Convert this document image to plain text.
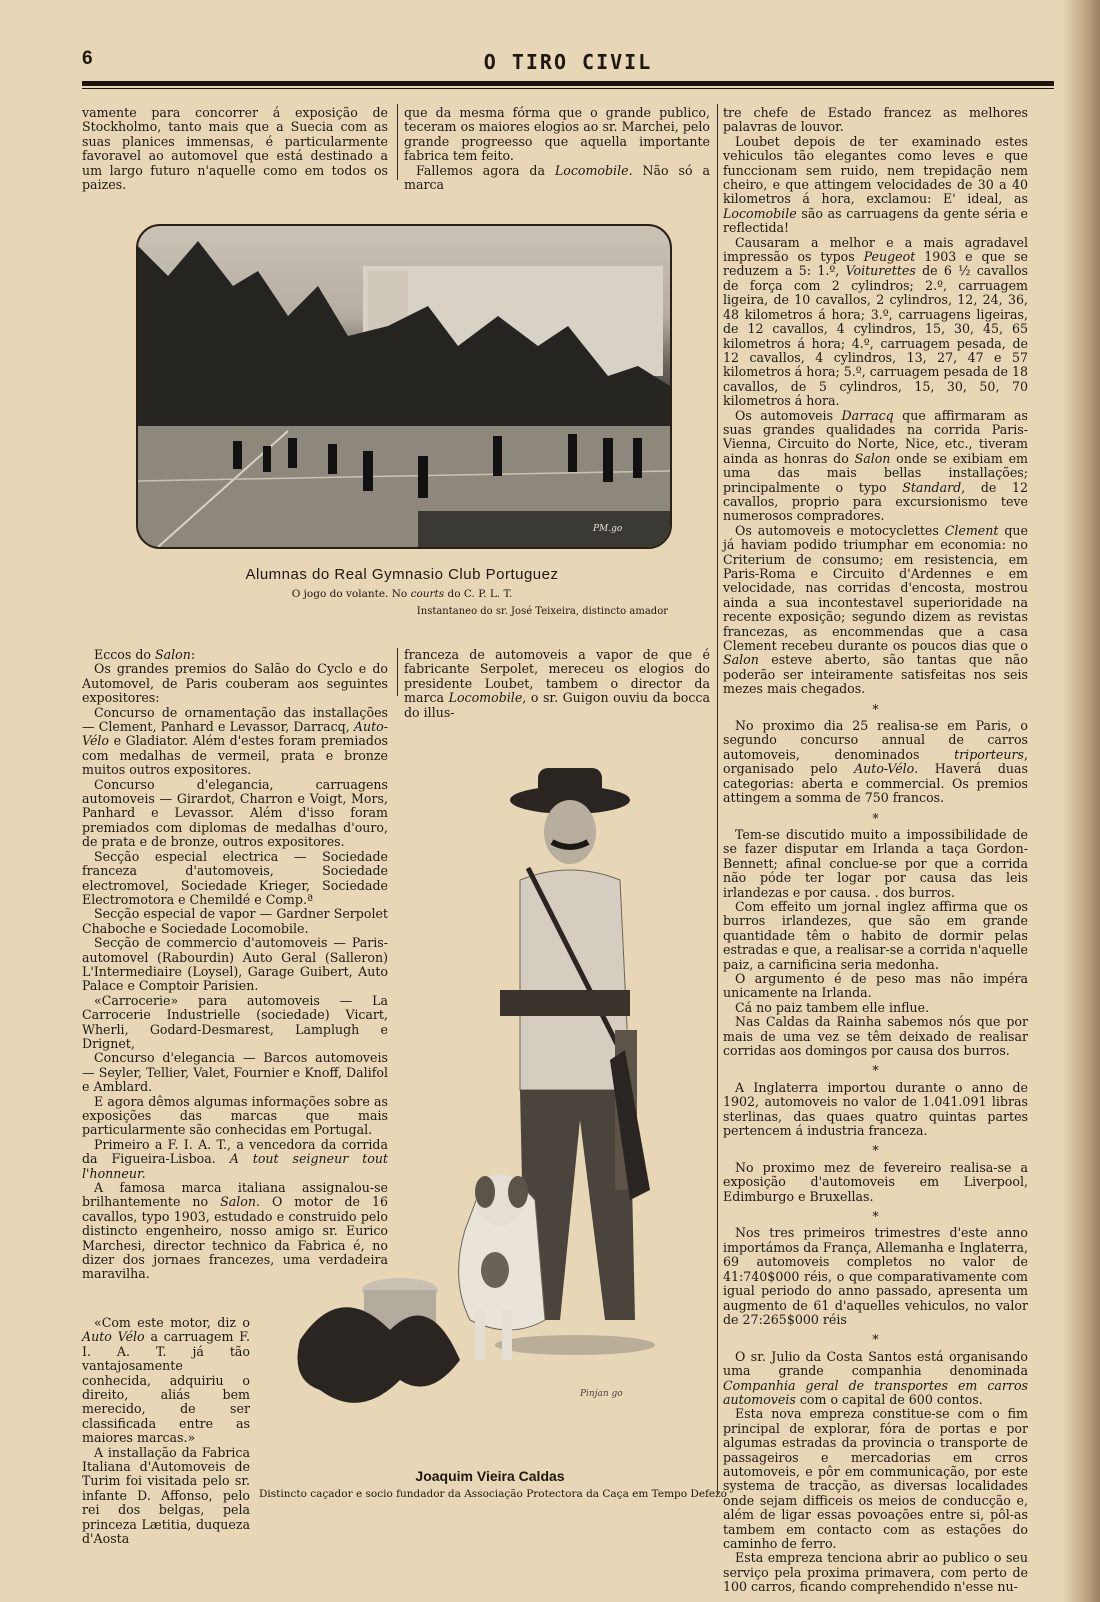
6	O TIRO CIVIL

vamente para concorrer á exposição de Stockholmo, tanto mais que a Suecia com as suas planices immensas, é particularmente favoravel ao automovel que está destinado a um largo futuro n'aquelle como em todos os paizes.

que da mesma fórma que o grande publico, teceram os maiores elogios ao sr. Marchei, pelo grande progreesso que aquella importante fabrica tem feito.

Fallemos agora da Locomobile. Não só a marca

PM.go
Alumnas do Real Gymnasio Club Portuguez
O jogo do volante. No courts do C. P. L. T.
Instantaneo do sr. José Teixeira, distincto amador

tre chefe de Estado francez as melhores palavras de louvor.

Loubet depois de ter examinado estes vehiculos tão elegantes como leves e que funccionam sem ruido, nem trepidação nem cheiro, e que attingem velocidades de 30 a 40 kilometros á hora, exclamou: E' ideal, as Locomobile são as carruagens da gente séria e reflectida!

Causaram a melhor e a mais agradavel impressão os typos Peugeot 1903 e que se reduzem a 5: 1.º, Voiturettes de 6 ½ cavallos de força com 2 cylindros; 2.º, carruagem ligeira, de 10 cavallos, 2 cylindros, 12, 24, 36, 48 kilometros á hora; 3.º, carruagens ligeiras, de 12 cavallos, 4 cylindros, 15, 30, 45, 65 kilometros á hora; 4.º, carruagem pesada, de 12 cavallos, 4 cylindros, 13, 27, 47 e 57 kilometros á hora; 5.º, carruagem pesada de 18 cavallos, de 5 cylindros, 15, 30, 50, 70 kilometros á hora.

Os automoveis Darracq que affirmaram as suas grandes qualidades na corrida Paris-Vienna, Circuito do Norte, Nice, etc., tiveram ainda as honras do Salon onde se exibiam em uma das mais bellas installações; principalmente o typo Standard, de 12 cavallos, proprio para excursionismo teve numerosos compradores.

Os automoveis e motocyclettes Clement que já haviam podido triumphar em economia: no Criterium de consumo; em resistencia, em Paris-Roma e Circuito d'Ardennes e em velocidade, nas corridas d'encosta, mostrou ainda a sua incontestavel superioridade na recente exposição; segundo dizem as revistas francezas, as encommendas que a casa Clement recebeu durante os poucos dias que o Salon esteve aberto, são tantas que não poderão ser inteiramente satisfeitas nos seis mezes mais chegados.

*

No proximo dia 25 realisa-se em Paris, o segundo concurso annual de carros automoveis, denominados triporteurs, organisado pelo Auto-Vélo. Haverá duas categorias: aberta e commercial. Os premios attingem a somma de 750 francos.

*

Tem-se discutido muito a impossibilidade de se fazer disputar em Irlanda a taça Gordon-Bennett; afinal conclue-se por que a corrida não póde ter logar por causa das leis irlandezas e por causa. . dos burros.

Com effeito um jornal inglez affirma que os burros irlandezes, que são em grande quantidade têm o habito de dormir pelas estradas e que, a realisar-se a corrida n'aquelle paiz, a carnificina seria medonha.

O argumento é de peso mas não impéra unicamente na Irlanda.

Cá no paiz tambem elle influe.

Nas Caldas da Rainha sabemos nós que por mais de uma vez se têm deixado de realisar corridas aos domingos por causa dos burros.

*

A Inglaterra importou durante o anno de 1902, automoveis no valor de 1.041.091 libras sterlinas, das quaes quatro quintas partes pertencem á industria franceza.

*

No proximo mez de fevereiro realisa-se a exposição d'automoveis em Liverpool, Edimburgo e Bruxellas.

*

Nos tres primeiros trimestres d'este anno importámos da França, Allemanha e Inglaterra, 69 automoveis completos no valor de 41:740$000 réis, o que comparativamente com igual periodo do anno passado, apresenta um augmento de 61 d'aquelles vehiculos, no valor de 27:265$000 réis

*

O sr. Julio da Costa Santos está organisando uma grande companhia denominada Companhia geral de transportes em carros automoveis com o capital de 600 contos.

Esta nova empreza constitue-se com o fim principal de explorar, fóra de portas e por algumas estradas da provincia o transporte de passageiros e mercadorias em crros automoveis, e pôr em communicação, por este systema de tracção, as diversas localidades onde sejam difficeis os meios de conducção e, além de ligar essas povoações entre si, pôl-as tambem em contacto com as estações do caminho de ferro.

Esta empreza tenciona abrir ao publico o seu serviço pela proxima primavera, com perto de 100 carros, ficando comprehendido n'esse nu-

Eccos do Salon:

Os grandes premios do Salão do Cyclo e do Automovel, de Paris couberam aos seguintes expositores:

Concurso de ornamentação das installações — Clement, Panhard e Levassor, Darracq, Auto-Vélo e Gladiator. Além d'estes foram premiados com medalhas de vermeil, prata e bronze muitos outros expositores.

Concurso d'elegancia, carruagens automoveis — Girardot, Charron e Voigt, Mors, Panhard e Levassor. Além d'isso foram premiados com diplomas de medalhas d'ouro, de prata e de bronze, outros expositores.

Secção especial electrica — Sociedade franceza d'automoveis, Sociedade electromovel, Sociedade Krieger, Sociedade Electromotora e Chemildé e Comp.ª

Secção especial de vapor — Gardner Serpolet Chaboche e Sociedade Locomobile.

Secção de commercio d'automoveis — Paris-automovel (Rabourdin) Auto Geral (Salleron) L'Intermediaire (Loysel), Garage Guibert, Auto Palace e Comptoir Parisien.

«Carrocerie» para automoveis — La Carrocerie Industrielle (sociedade) Vicart, Wherli, Godard-Desmarest, Lamplugh e Drignet,

Concurso d'elegancia — Barcos automoveis — Seyler, Tellier, Valet, Fournier e Knoff, Dalifol e Amblard.

E agora dêmos algumas informações sobre as exposições das marcas que mais particularmente são conhecidas em Portugal.

Primeiro a F. I. A. T., a vencedora da corrida da Figueira-Lisboa. A tout seigneur tout l'honneur.

A famosa marca italiana assignalou-se brilhantemente no Salon. O motor de 16 cavallos, typo 1903, estudado e construido pelo distincto engenheiro, nosso amigo sr. Eurico Marchesi, director technico da Fabrica é, no dizer dos jornaes francezes, uma verdadeira maravilha.

«Com este motor, diz o Auto Vélo a carruagem F. I. A. T. já tão vantajosamente conhecida, adquiriu o direito, aliás bem merecido, de ser classificada entre as maiores marcas.»

A installação da Fabrica Italiana d'Automoveis de Turim foi visitada pelo sr. infante D. Affonso, pelo rei dos belgas, pela princeza Lætitia, duqueza d'Aosta

franceza de automoveis a vapor de que é fabricante Serpolet, mereceu os elogios do presidente Loubet, tambem o director da marca Locomobile, o sr. Guigon ouviu da bocca do illus-

Pinjan go
Joaquim Vieira Caldas
Distincto caçador e socio fundador da Associação Protectora da Caça em Tempo Defezo
